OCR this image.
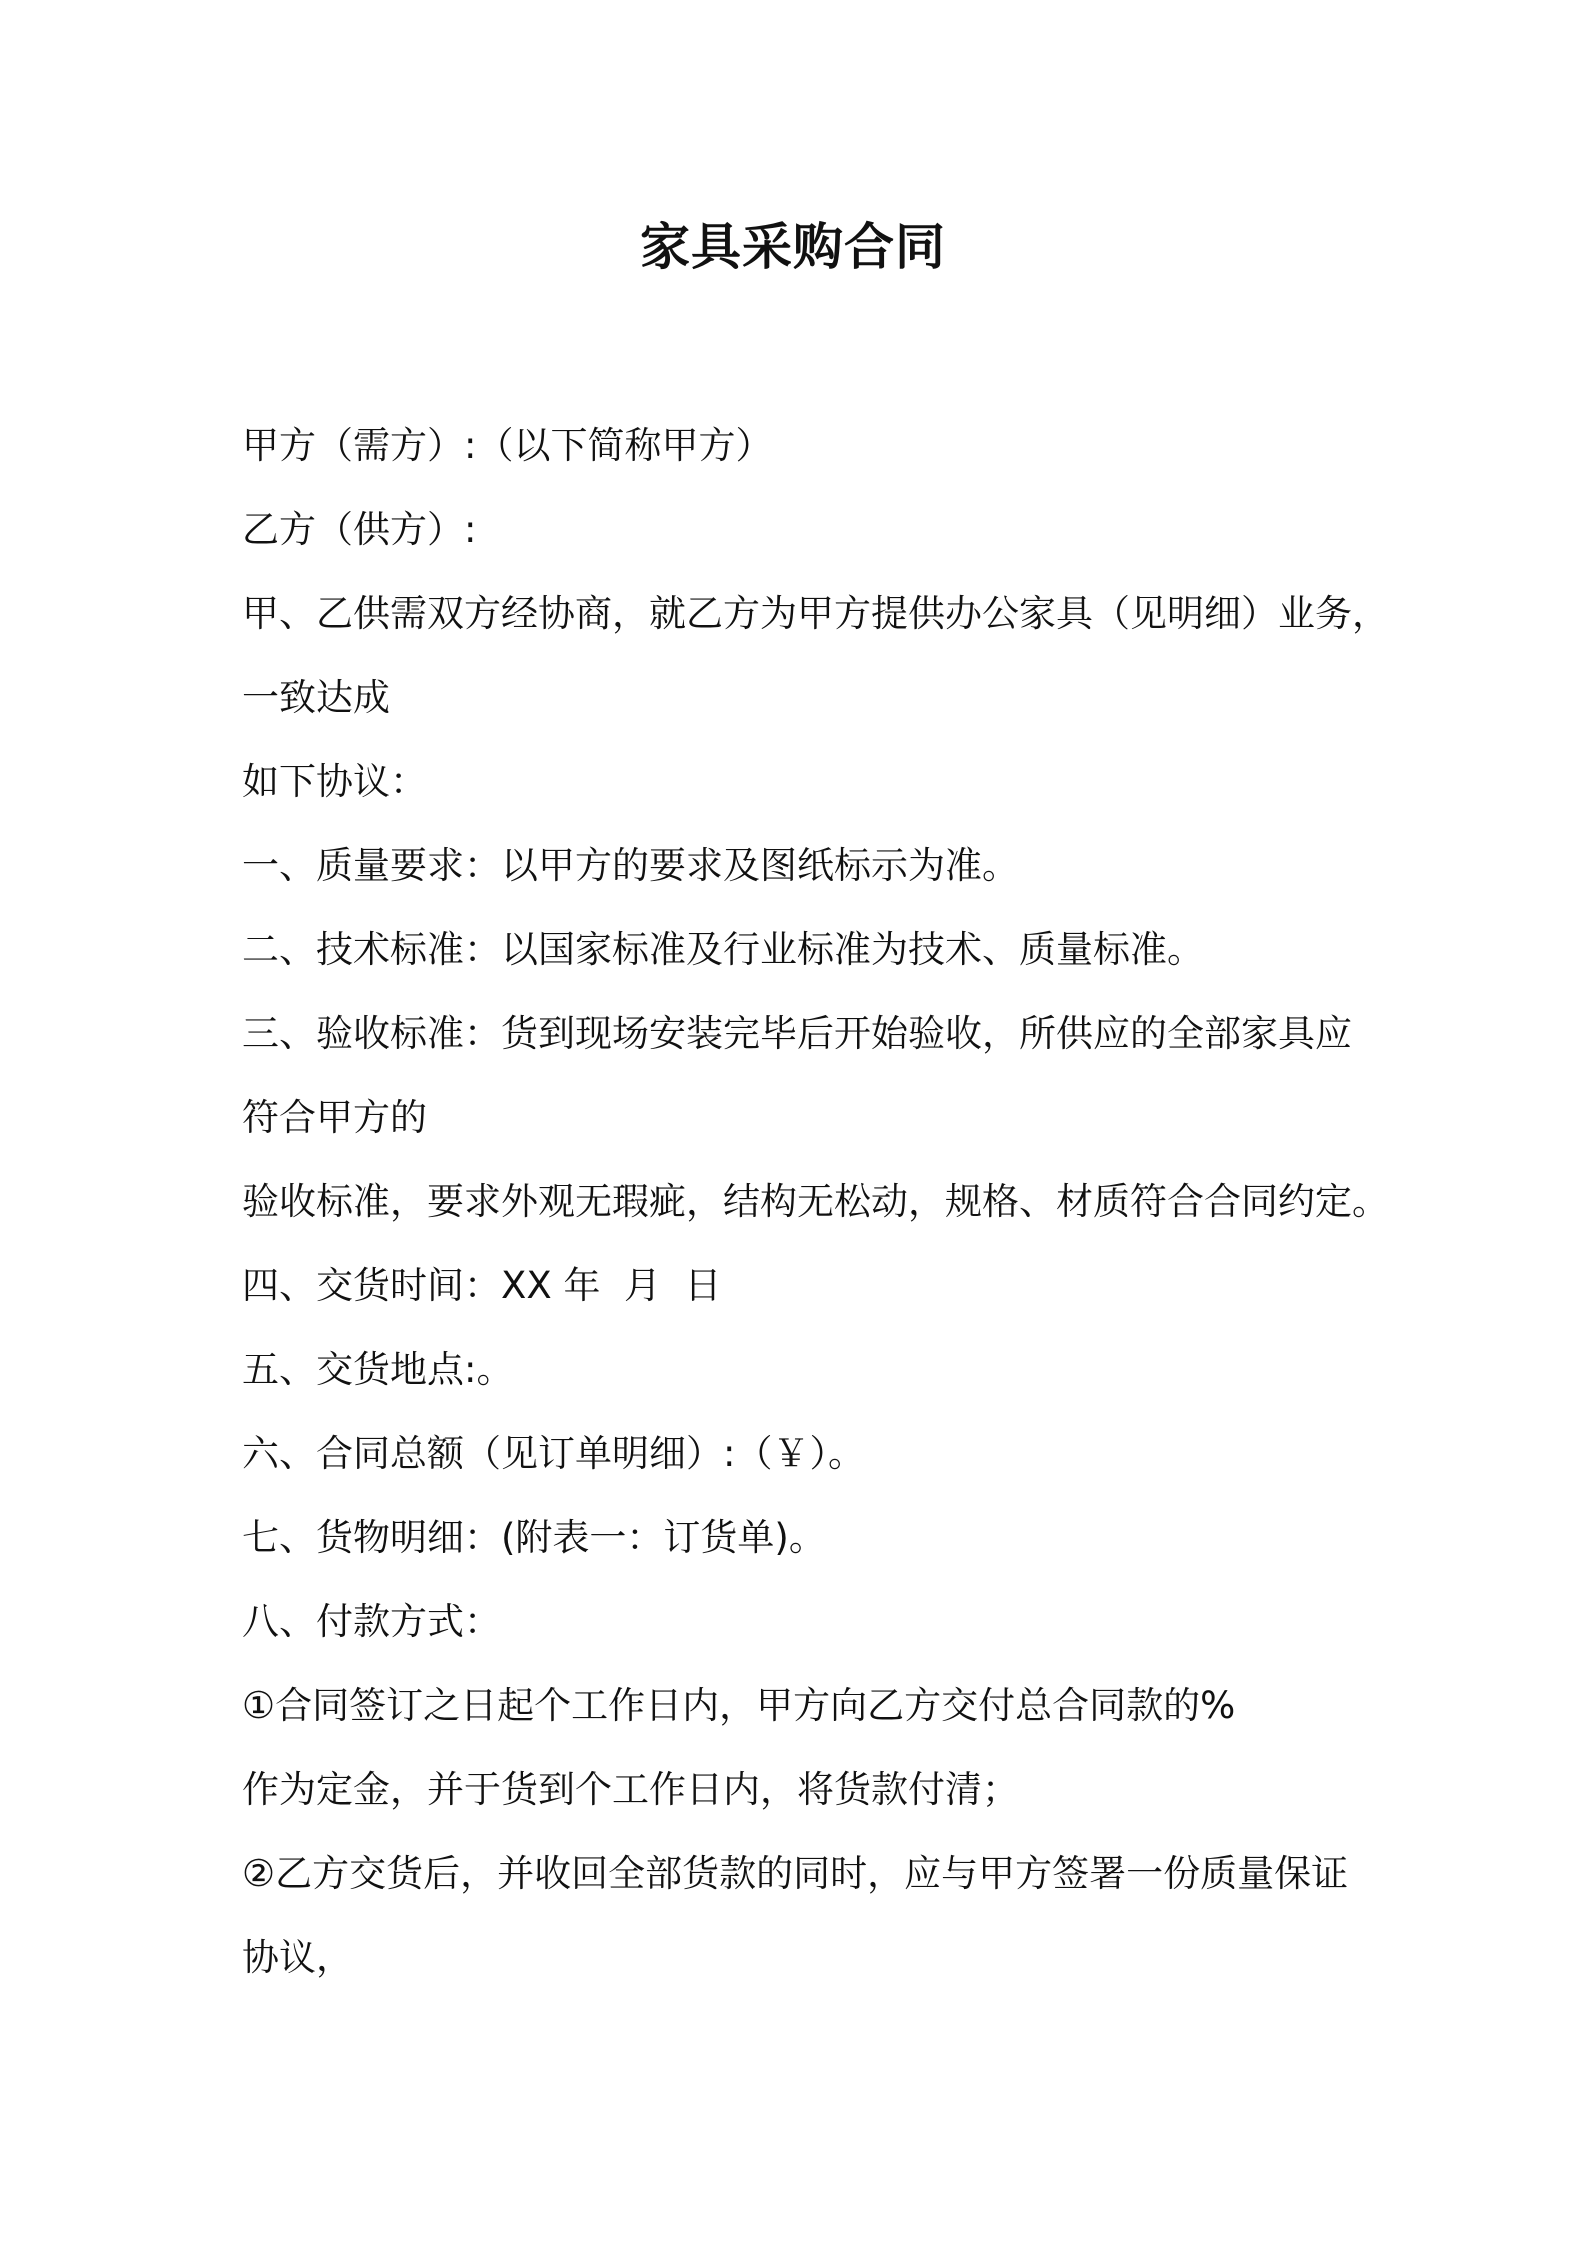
家具采购合同

甲方（需方）:（以下简称甲方）

乙方（供方）:

甲、乙供需双方经协商，就乙方为甲方提供办公家具（见明细）业务，

一致达成

如下协议：

一、质量要求：以甲方的要求及图纸标示为准。

二、技术标准：以国家标准及行业标准为技术、质量标准。

三、验收标准：货到现场安装完毕后开始验收，所供应的全部家具应

符合甲方的

验收标准，要求外观无瑕疵，结构无松动，规格、材质符合合同约定。

四、交货时间：XX 年  月  日

五、交货地点:。

六、合同总额（见订单明细）:（￥）。

七、货物明细：(附表一：订货单)。

八、付款方式：

①合同签订之日起个工作日内，甲方向乙方交付总合同款的%

作为定金，并于货到个工作日内，将货款付清；

②乙方交货后，并收回全部货款的同时，应与甲方签署一份质量保证

协议，
